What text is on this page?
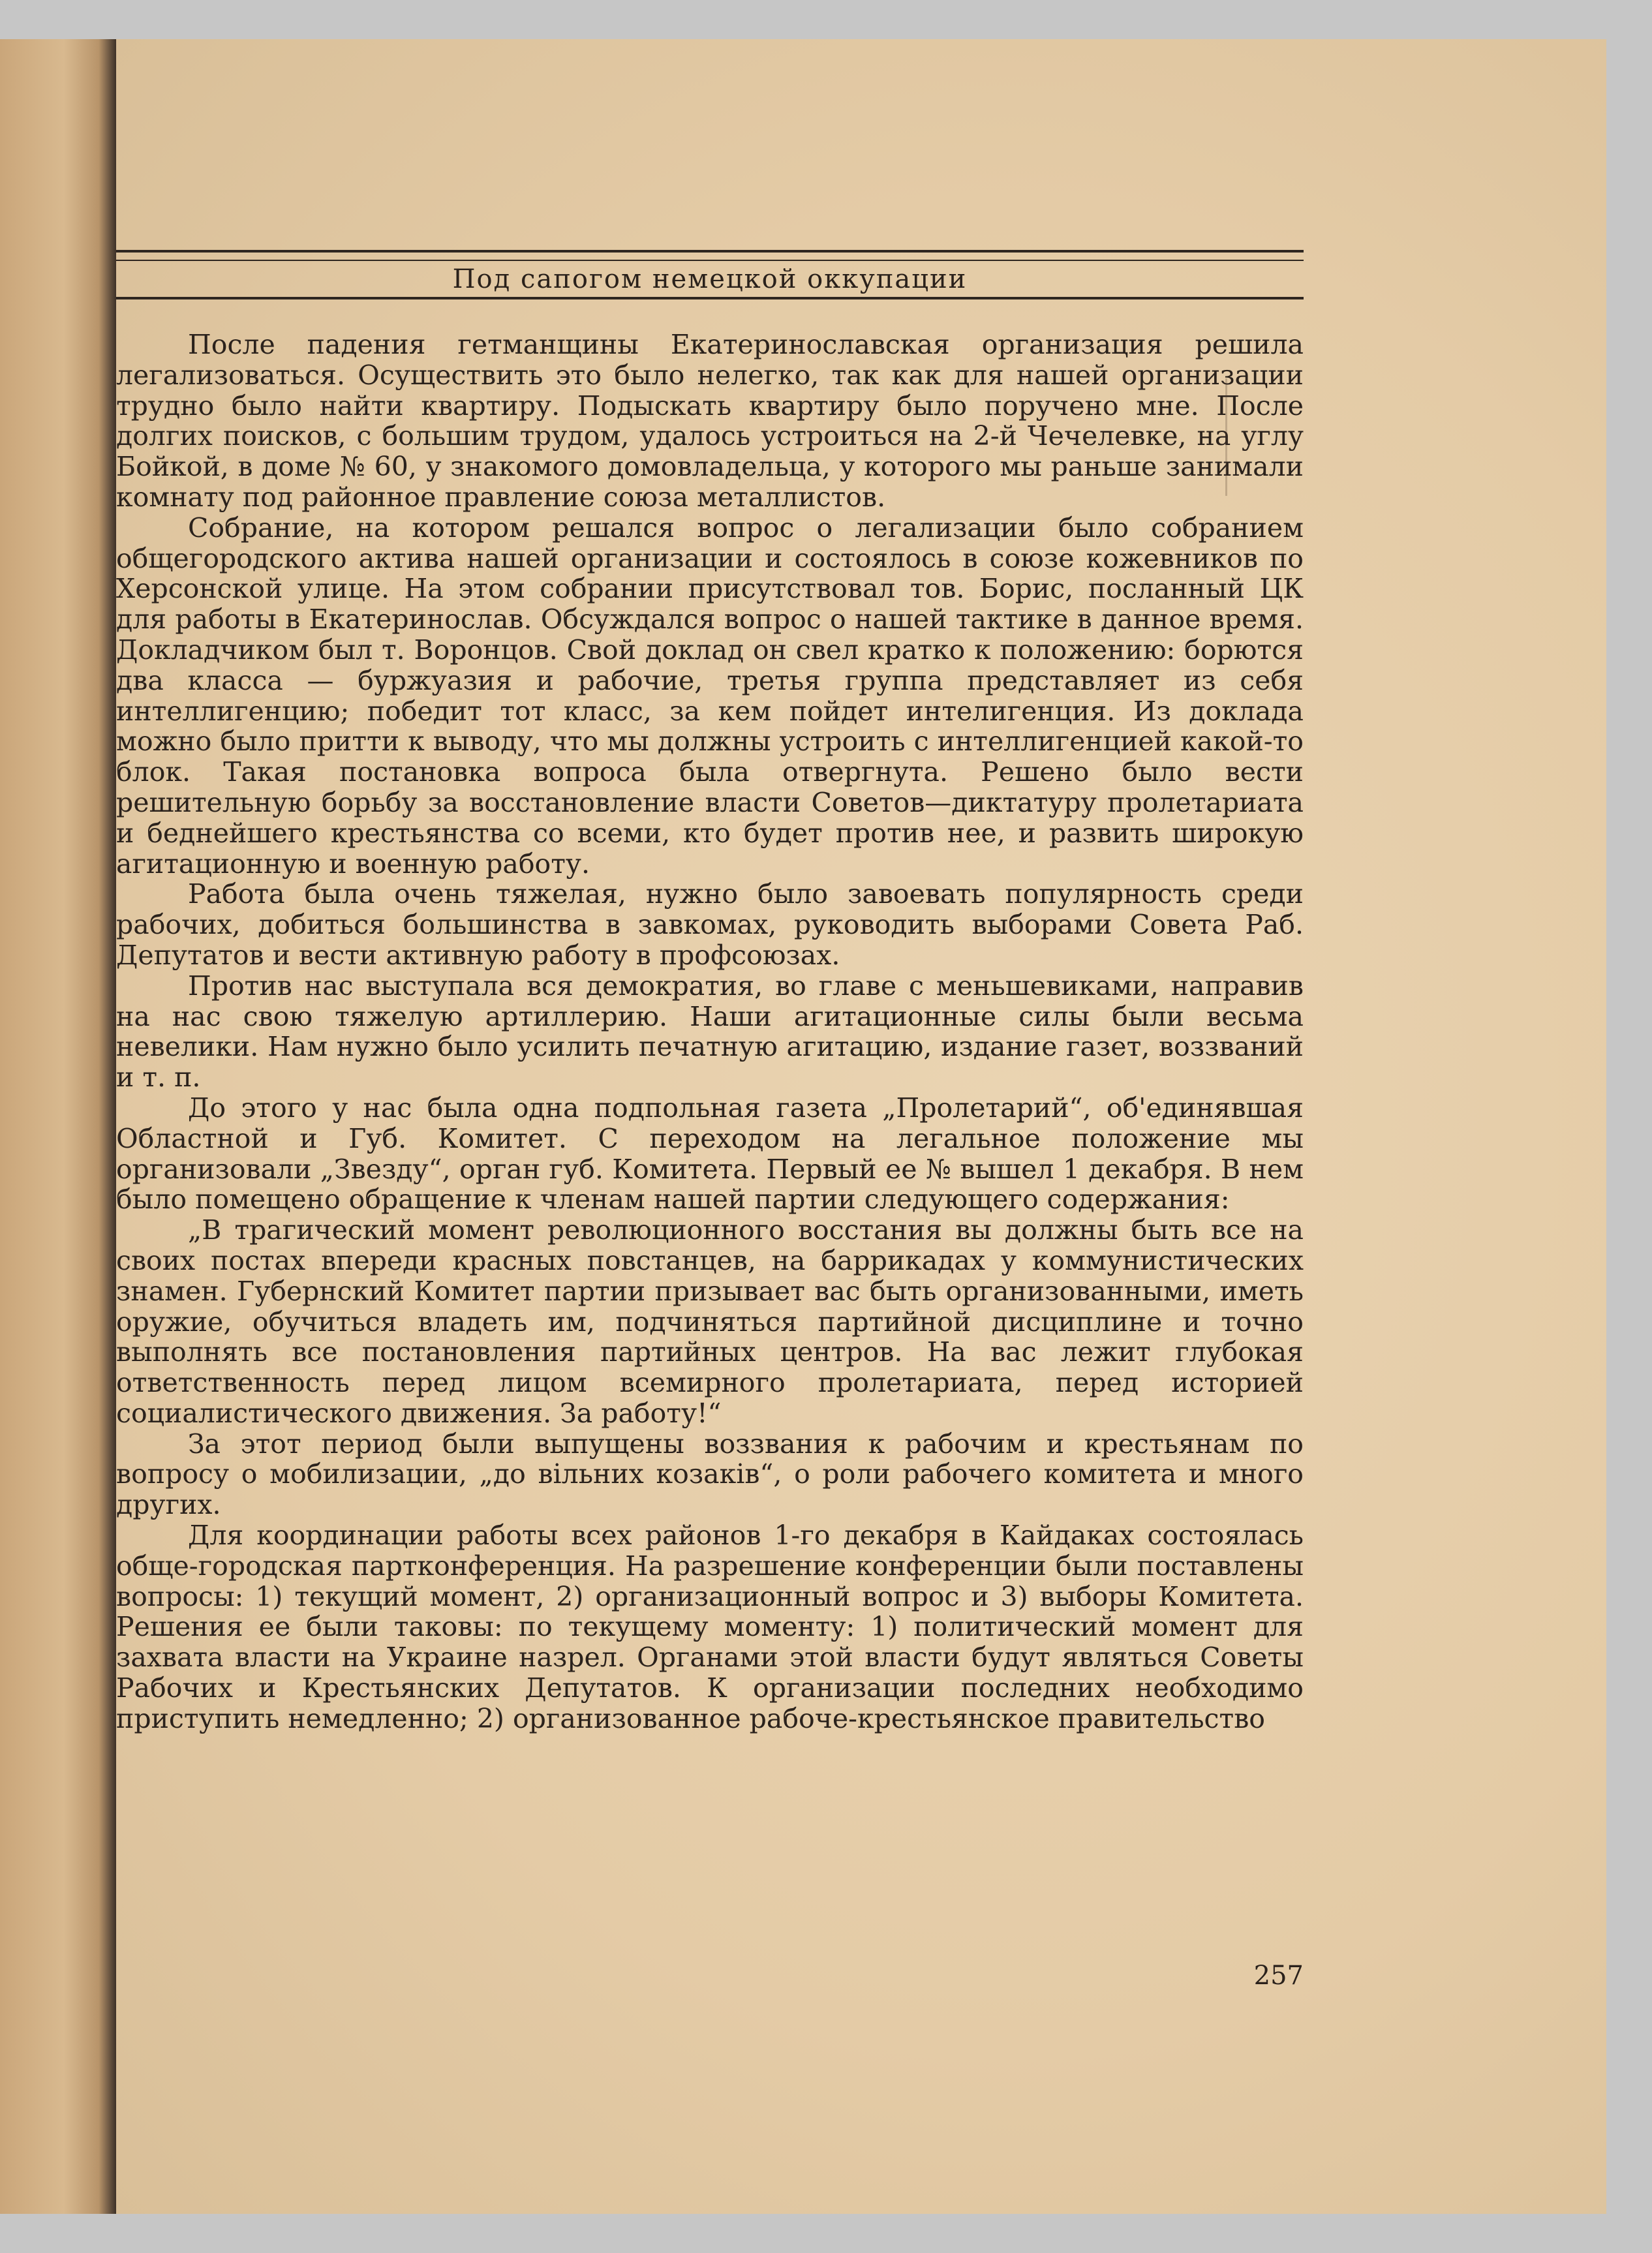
Под сапогом немецкой оккупации

После падения гетманщины Екатеринославская организация решила легализоваться. Осуществить это было нелегко, так как для нашей организации трудно было найти квартиру. Подыскать квартиру было поручено мне. После долгих поисков, с большим трудом, удалось устроиться на 2-й Чечелевке, на углу Бойкой, в доме № 60, у знакомого домовладельца, у которого мы раньше занимали комнату под районное правление союза металлистов.

Собрание, на котором решался вопрос о легализации было собранием общегородского актива нашей организации и состоялось в союзе кожевников по Херсонской улице. На этом собрании присутствовал тов. Борис, посланный ЦК для работы в Екатеринослав. Обсуждался вопрос о нашей тактике в данное время. Докладчиком был т. Воронцов. Свой доклад он свел кратко к положению: борются два класса — буржуазия и рабочие, третья группа представляет из себя интеллигенцию; победит тот класс, за кем пойдет интелигенция. Из доклада можно было притти к выводу, что мы должны устроить с интеллигенцией какой-то блок. Такая постановка вопроса была отвергнута. Решено было вести решительную борьбу за восстановление власти Советов—диктатуру пролетариата и беднейшего крестьянства со всеми, кто будет против нее, и развить широкую агитационную и военную работу.

Работа была очень тяжелая, нужно было завоевать популярность среди рабочих, добиться большинства в завкомах, руководить выборами Совета Раб. Депутатов и вести активную работу в профсоюзах.

Против нас выступала вся демократия, во главе с меньшевиками, направив на нас свою тяжелую артиллерию. Наши агитационные силы были весьма невелики. Нам нужно было усилить печатную агитацию, издание газет, воззваний и т. п.

До этого у нас была одна подпольная газета „Пролетарий“, об'единявшая Областной и Губ. Комитет. С переходом на легальное положение мы организовали „Звезду“, орган губ. Комитета. Первый ее № вышел 1 декабря. В нем было помещено обращение к членам нашей партии следующего содержания:

„В трагический момент революционного восстания вы должны быть все на своих постах впереди красных повстанцев, на баррикадах у коммунистических знамен. Губернский Комитет партии призывает вас быть организованными, иметь оружие, обучиться владеть им, подчиняться партийной дисциплине и точно выполнять все постановления партийных центров. На вас лежит глубокая ответственность перед лицом всемирного пролетариата, перед историей социалистического движения. За работу!“

За этот период были выпущены воззвания к рабочим и крестьянам по вопросу о мобилизации, „до вільних козаків“, о роли рабочего комитета и много других.

Для координации работы всех районов 1-го декабря в Кайдаках состоялась обще-городская партконференция. На разрешение конференции были поставлены вопросы: 1) текущий момент, 2) организационный вопрос и 3) выборы Комитета. Решения ее были таковы: по текущему моменту: 1) политический момент для захвата власти на Украине назрел. Органами этой власти будут являться Советы Рабочих и Крестьянских Депутатов. К организации последних необходимо приступить немедленно; 2) организованное рабоче-крестьянское правительство

257
